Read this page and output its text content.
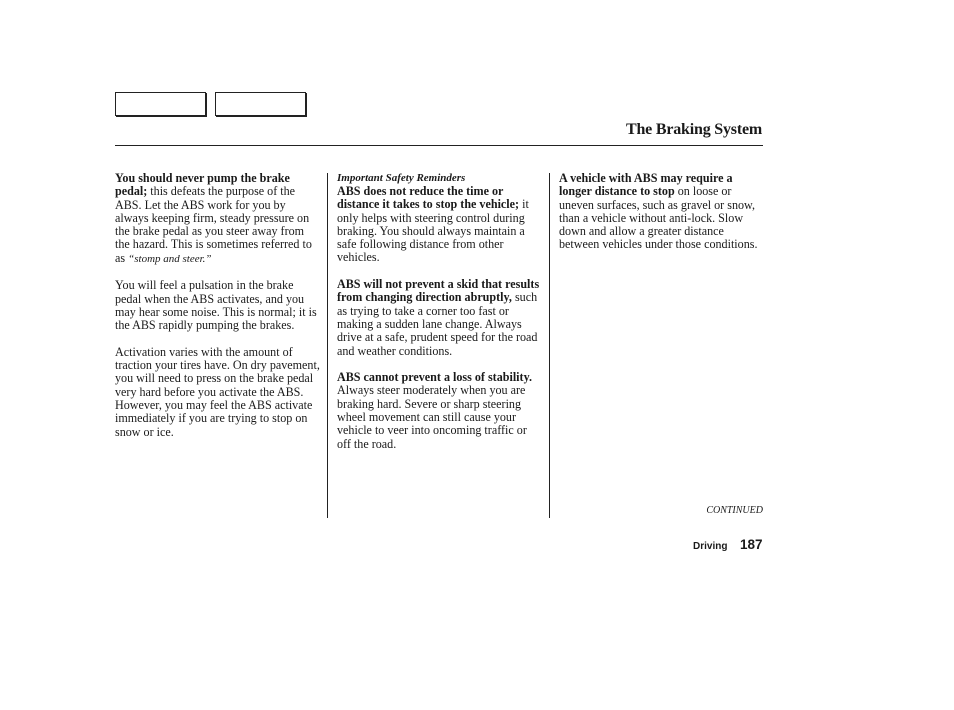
The Braking System

You should never pump the brake pedal; this defeats the purpose of the ABS. Let the ABS work for you by always keeping firm, steady pressure on the brake pedal as you steer away from the hazard. This is sometimes referred to as “stomp and steer.”

You will feel a pulsation in the brake pedal when the ABS activates, and you may hear some noise. This is normal; it is the ABS rapidly pumping the brakes.

Activation varies with the amount of traction your tires have. On dry pavement, you will need to press on the brake pedal very hard before you activate the ABS. However, you may feel the ABS activate immediately if you are trying to stop on snow or ice.

Important Safety Reminders
ABS does not reduce the time or distance it takes to stop the vehicle; it only helps with steering control during braking. You should always maintain a safe following distance from other vehicles.

ABS will not prevent a skid that results from changing direction abruptly, such as trying to take a corner too fast or making a sudden lane change. Always drive at a safe, prudent speed for the road and weather conditions.

ABS cannot prevent a loss of stability. Always steer moderately when you are braking hard. Severe or sharp steering wheel movement can still cause your vehicle to veer into oncoming traffic or off the road.

A vehicle with ABS may require a longer distance to stop on loose or uneven surfaces, such as gravel or snow, than a vehicle without anti-lock. Slow down and allow a greater distance between vehicles under those conditions.

CONTINUED
Driving 187
